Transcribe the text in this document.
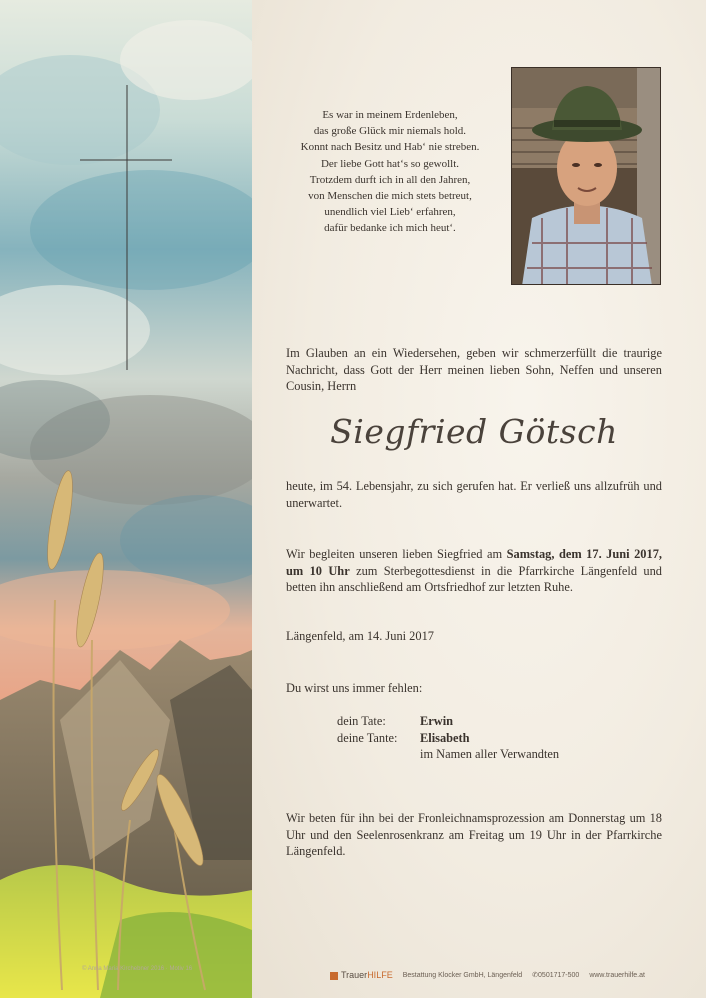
© Anna Maria Kirchebner 2016 · Motiv 16
Es war in meinem Erdenleben,
das große Glück mir niemals hold.
Konnt nach Besitz und Hab‘ nie streben.
Der liebe Gott hat‘s so gewollt.
Trotzdem durft ich in all den Jahren,
von Menschen die mich stets betreut,
unendlich viel Lieb‘ erfahren,
dafür bedanke ich mich heut‘.
Im Glauben an ein Wiedersehen, geben wir schmerzerfüllt die traurige Nachricht, dass Gott der Herr meinen lieben Sohn, Neffen und unseren Cousin, Herrn
Siegfried Götsch
heute, im 54. Lebensjahr, zu sich gerufen hat. Er verließ uns allzufrüh und unerwartet.
Wir begleiten unseren lieben Siegfried am Samstag, dem 17. Juni 2017, um 10 Uhr zum Sterbegottesdienst in die Pfarrkirche Längenfeld und betten ihn anschließend am Ortsfriedhof zur letzten Ruhe.
Längenfeld, am 14. Juni 2017
Du wirst uns immer fehlen:
dein Tate:	Erwin
deine Tante:	Elisabeth
im Namen aller Verwandten
Wir beten für ihn bei der Fronleichnamsprozession am Donnerstag um 18 Uhr und den Seelenrosenkranz am Freitag um 19 Uhr in der Pfarrkirche Längenfeld.
TrauerHILFE Bestattung Klocker GmbH, Längenfeld ✆0501717-500 www.trauerhilfe.at
